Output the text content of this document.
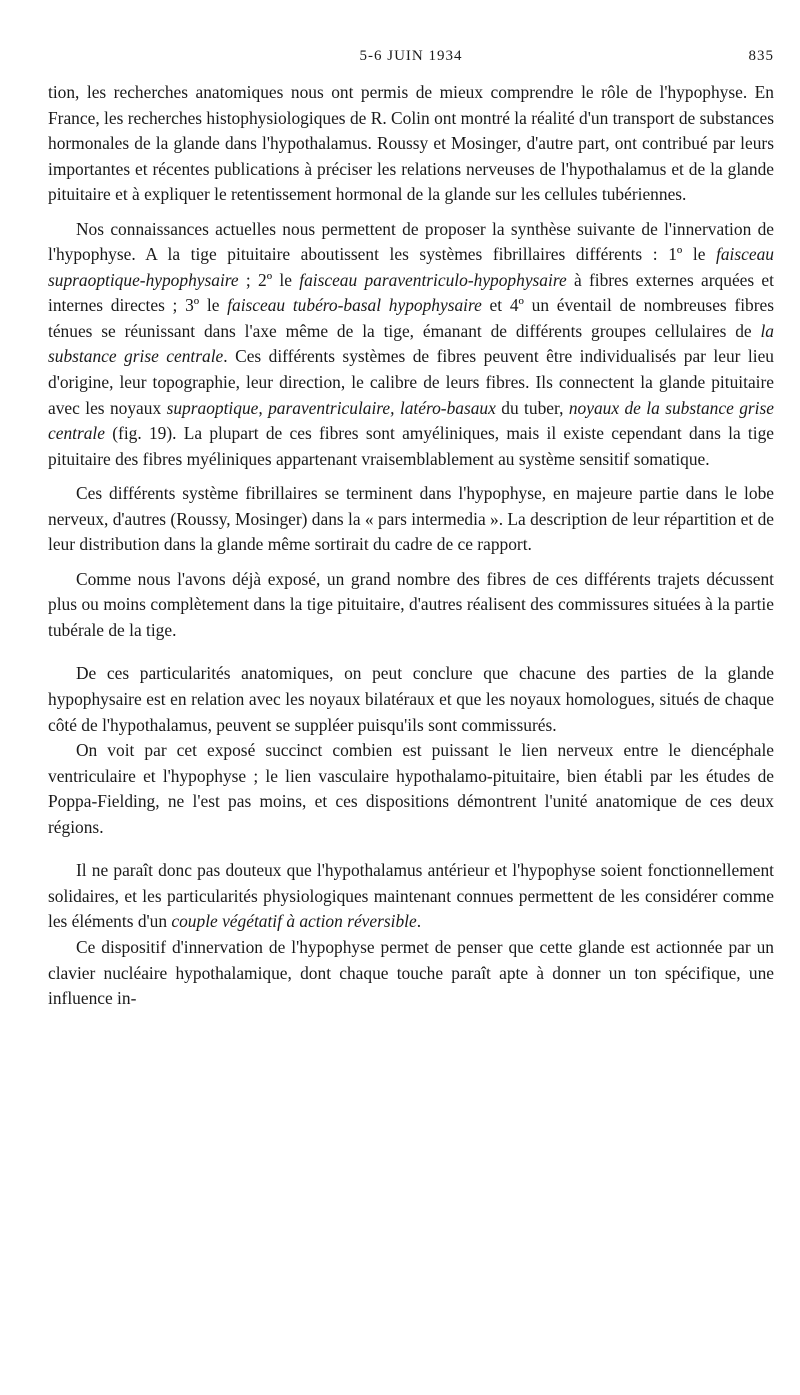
5-6 JUIN 1934	835

tion, les recherches anatomiques nous ont permis de mieux comprendre le rôle de l'hypophyse. En France, les recherches histophysiologiques de R. Colin ont montré la réalité d'un transport de substances hormonales de la glande dans l'hypothalamus. Roussy et Mosinger, d'autre part, ont contribué par leurs importantes et récentes publications à préciser les relations nerveuses de l'hypothalamus et de la glande pituitaire et à expliquer le retentissement hormonal de la glande sur les cellules tubériennes.

Nos connaissances actuelles nous permettent de proposer la synthèse suivante de l'innervation de l'hypophyse. A la tige pituitaire aboutissent les systèmes fibrillaires différents : 1º le faisceau supraoptique-hypophysaire ; 2º le faisceau paraventriculo-hypophysaire à fibres externes arquées et internes directes ; 3º le faisceau tubéro-basal hypophysaire et 4º un éventail de nombreuses fibres ténues se réunissant dans l'axe même de la tige, émanant de différents groupes cellulaires de la substance grise centrale. Ces différents systèmes de fibres peuvent être individualisés par leur lieu d'origine, leur topographie, leur direction, le calibre de leurs fibres. Ils connectent la glande pituitaire avec les noyaux supraoptique, paraventriculaire, latéro-basaux du tuber, noyaux de la substance grise centrale (fig. 19). La plupart de ces fibres sont amyéliniques, mais il existe cependant dans la tige pituitaire des fibres myéliniques appartenant vraisemblablement au système sensitif somatique.

Ces différents système fibrillaires se terminent dans l'hypophyse, en majeure partie dans le lobe nerveux, d'autres (Roussy, Mosinger) dans la « pars intermedia ». La description de leur répartition et de leur distribution dans la glande même sortirait du cadre de ce rapport.

Comme nous l'avons déjà exposé, un grand nombre des fibres de ces différents trajets décussent plus ou moins complètement dans la tige pituitaire, d'autres réalisent des commissures situées à la partie tubérale de la tige.

De ces particularités anatomiques, on peut conclure que chacune des parties de la glande hypophysaire est en relation avec les noyaux bilatéraux et que les noyaux homologues, situés de chaque côté de l'hypothalamus, peuvent se suppléer puisqu'ils sont commissurés.

On voit par cet exposé succinct combien est puissant le lien nerveux entre le diencéphale ventriculaire et l'hypophyse ; le lien vasculaire hypothalamo-pituitaire, bien établi par les études de Poppa-Fielding, ne l'est pas moins, et ces dispositions démontrent l'unité anatomique de ces deux régions.

Il ne paraît donc pas douteux que l'hypothalamus antérieur et l'hypophyse soient fonctionnellement solidaires, et les particularités physiologiques maintenant connues permettent de les considérer comme les éléments d'un couple végétatif à action réversible.

Ce dispositif d'innervation de l'hypophyse permet de penser que cette glande est actionnée par un clavier nucléaire hypothalamique, dont chaque touche paraît apte à donner un ton spécifique, une influence in-
